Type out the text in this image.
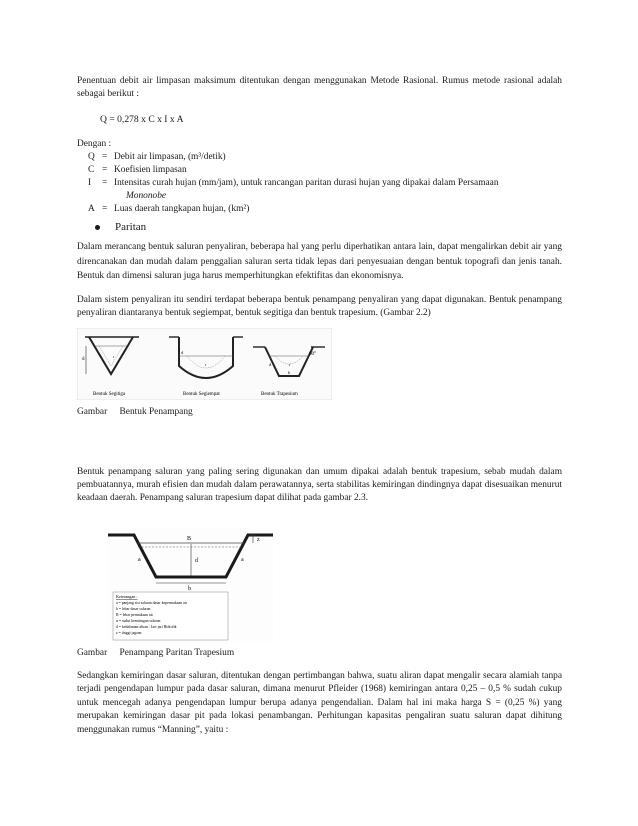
Penentuan debit air limpasan maksimum ditentukan dengan menggunakan Metode Rasional. Rumus metode rasional adalah sebagai berikut :
Q = 0,278 x C x I x A
Dengan :
Q = Debit air limpasan, (m³/detik)
C = Koefisien limpasan
I	= Intensitas curah hujan (mm/jam), untuk rancangan paritan durasi hujan yang dipakai dalam Persamaan
Mononobe
A = Luas daerah tangkapan hujan, (km²)
Paritan
Dalam merancang bentuk saluran penyaliran, beberapa hal yang perlu diperhatikan antara lain, dapat mengalirkan debit air yang direncanakan dan mudah dalam penggalian saluran serta tidak lepas dari penyesuaian dengan bentuk topografi dan jenis tanah. Bentuk dan dimensi saluran juga harus memperhitungkan efektifitas dan ekonomisnya.
Dalam sistem penyaliran itu sendiri terdapat beberapa bentuk penampang penyaliran yang dapat digunakan. Bentuk penampang penyaliran diantaranya bentuk segiempat, bentuk segitiga dan bentuk trapesium. (Gambar 2.2)
d
r
Bentuk Segitiga
d
r
Bentuk Segiempat
d	r
b
60°
Bentuk Trapesium
Gambar Bentuk Penampang
Bentuk penampang saluran yang paling sering digunakan dan umum dipakai adalah bentuk trapesium, sebab mudah dalam pembuatannya, murah efisien dan mudah dalam perawatannya, serta stabilitas kemiringan dindingnya dapat disesuaikan menurut keadaan daerah. Penampang saluran trapesium dapat dilihat pada gambar 2.3.
B
a	a
d
b
z
Keterangan :
a = panjang sisi saluran dasar kepermukaan air
b = lebar dasar saluran
B = lebar permukaan air
α = sudut kemiringan saluran
d = kedalaman aliran : Jari-jari Hidrolik
z = tinggi jagaan
Gambar Penampang Paritan Trapesium
Sedangkan kemiringan dasar saluran, ditentukan dengan pertimbangan bahwa, suatu aliran dapat mengalir secara alamiah tanpa terjadi pengendapan lumpur pada dasar saluran, dimana menurut Pfleider (1968) kemiringan antara 0,25 – 0,5 % sudah cukup untuk mencegah adanya pengendapan lumpur berupa adanya pengendalian. Dalam hal ini maka harga S = (0,25 %) yang merupakan kemiringan dasar pit pada lokasi penambangan. Perhitungan kapasitas pengaliran suatu saluran dapat dihitung menggunakan rumus “Manning”, yaitu :
